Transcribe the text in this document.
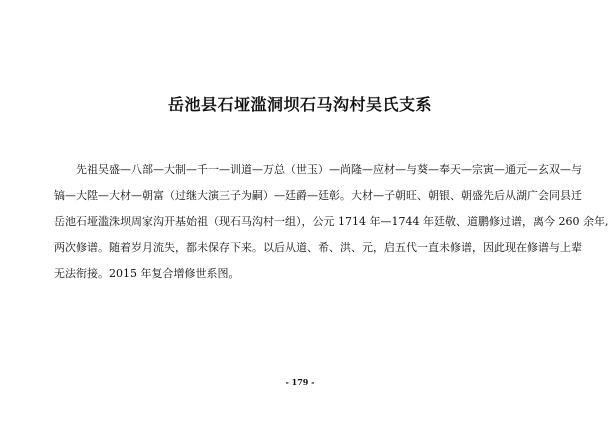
岳池县石垭滥洞坝石马沟村吴氏支系
先祖吴盛—八部—大制—千一—训道—万总（世玉）—尚隆—应材—与葵—奉天—宗寅—通元—玄双—与
镐—大陞—大材—朝富（过继大演三子为嗣）—廷爵—廷彰。大材—子朝旺、朝银、朝盛先后从湖广会同县迁
岳池石垭滥洙坝周家沟开基始祖（现石马沟村一组），公元 1714 年—1744 年廷敬、道鹏修过谱，离今 260 余年,
两次修谱。随着岁月流失，都未保存下来。以后从道、希、洪、元，启五代一直未修谱，因此现在修谱与上辈
无法衔接。2015 年复合增修世系图。
- 179 -
